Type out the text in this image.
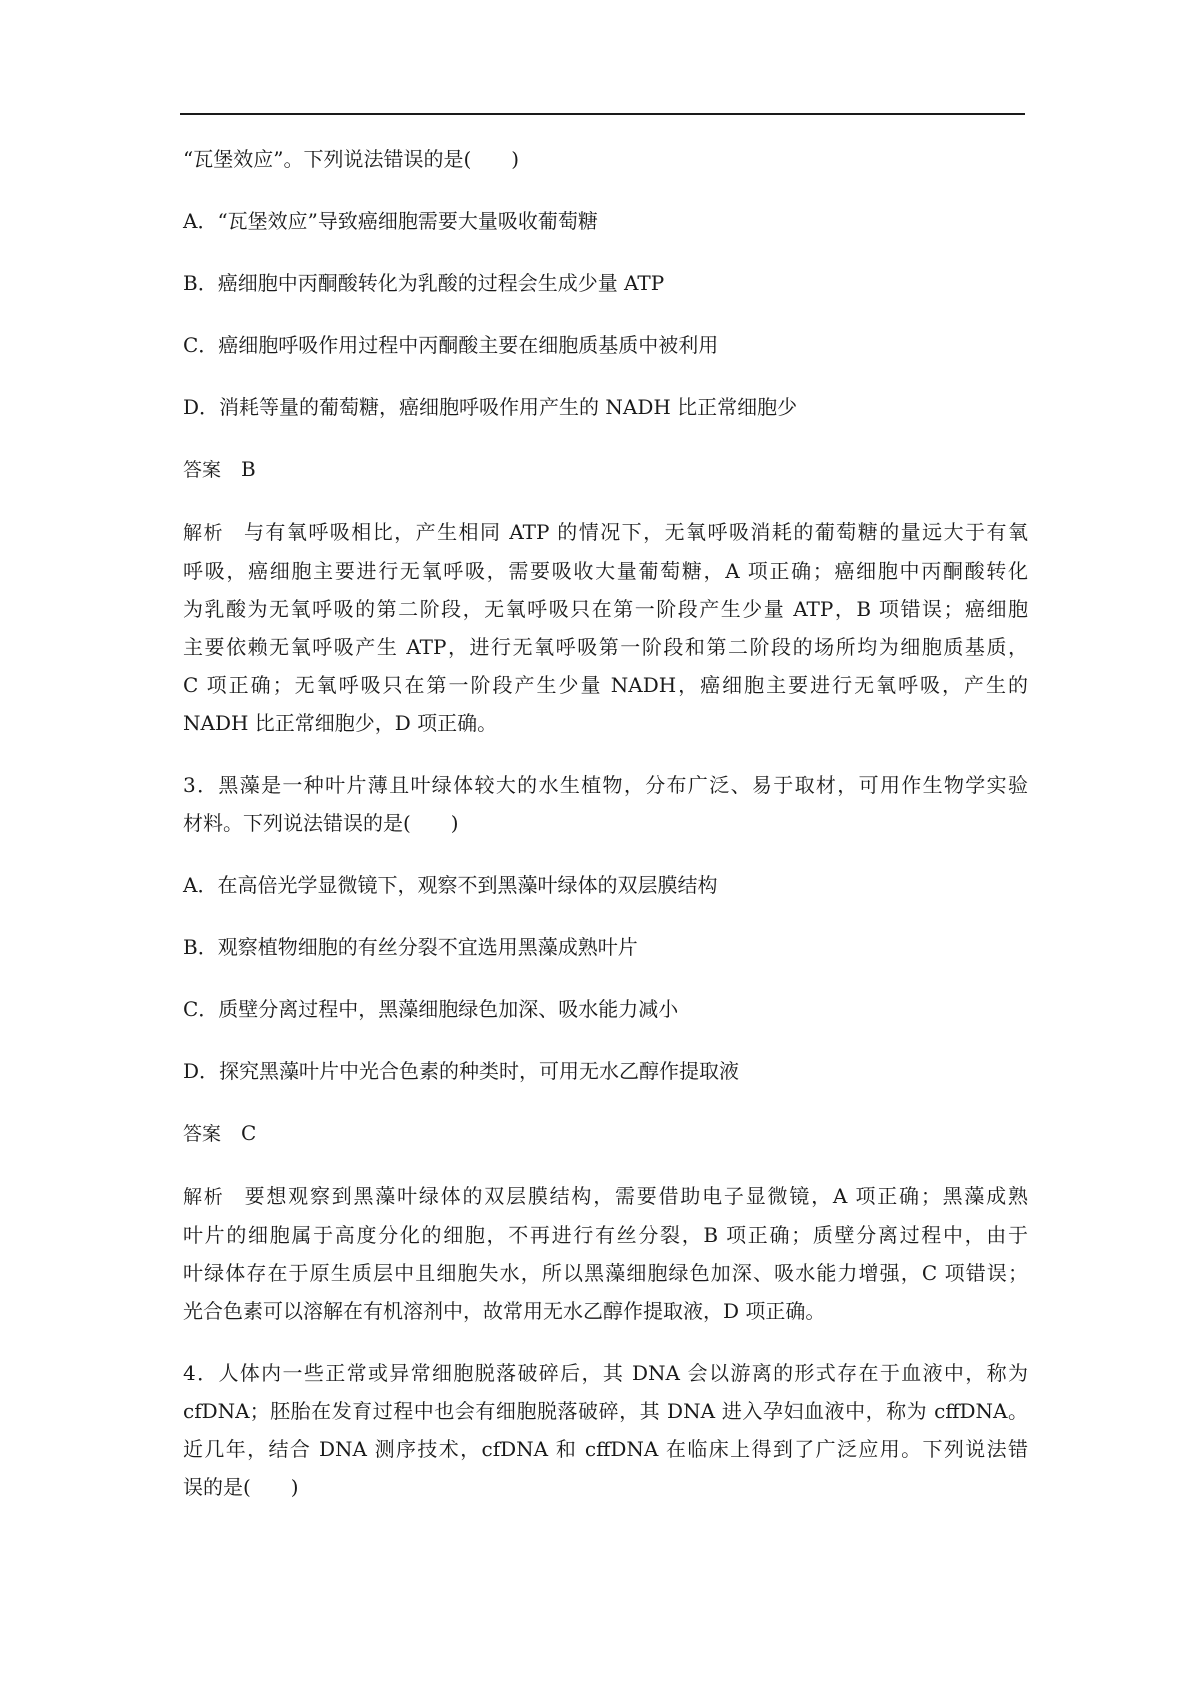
“瓦堡效应”。下列说法错误的是(　　)
A．“瓦堡效应”导致癌细胞需要大量吸收葡萄糖
B．癌细胞中丙酮酸转化为乳酸的过程会生成少量 ATP
C．癌细胞呼吸作用过程中丙酮酸主要在细胞质基质中被利用
D．消耗等量的葡萄糖，癌细胞呼吸作用产生的 NADH 比正常细胞少
答案 B
解析 与有氧呼吸相比，产生相同 ATP 的情况下，无氧呼吸消耗的葡萄糖的量远大于有氧
呼吸，癌细胞主要进行无氧呼吸，需要吸收大量葡萄糖，A 项正确；癌细胞中丙酮酸转化
为乳酸为无氧呼吸的第二阶段，无氧呼吸只在第一阶段产生少量 ATP，B 项错误；癌细胞
主要依赖无氧呼吸产生 ATP，进行无氧呼吸第一阶段和第二阶段的场所均为细胞质基质，
C 项正确；无氧呼吸只在第一阶段产生少量 NADH，癌细胞主要进行无氧呼吸，产生的
NADH 比正常细胞少，D 项正确。
3．黑藻是一种叶片薄且叶绿体较大的水生植物，分布广泛、易于取材，可用作生物学实验
材料。下列说法错误的是(　　)
A．在高倍光学显微镜下，观察不到黑藻叶绿体的双层膜结构
B．观察植物细胞的有丝分裂不宜选用黑藻成熟叶片
C．质壁分离过程中，黑藻细胞绿色加深、吸水能力减小
D．探究黑藻叶片中光合色素的种类时，可用无水乙醇作提取液
答案 C
解析 要想观察到黑藻叶绿体的双层膜结构，需要借助电子显微镜，A 项正确；黑藻成熟
叶片的细胞属于高度分化的细胞，不再进行有丝分裂，B 项正确；质壁分离过程中，由于
叶绿体存在于原生质层中且细胞失水，所以黑藻细胞绿色加深、吸水能力增强，C 项错误；
光合色素可以溶解在有机溶剂中，故常用无水乙醇作提取液，D 项正确。
4．人体内一些正常或异常细胞脱落破碎后，其 DNA 会以游离的形式存在于血液中，称为
cfDNA；胚胎在发育过程中也会有细胞脱落破碎，其 DNA 进入孕妇血液中，称为 cffDNA。
近几年，结合 DNA 测序技术，cfDNA 和 cffDNA 在临床上得到了广泛应用。下列说法错
误的是(　　)
